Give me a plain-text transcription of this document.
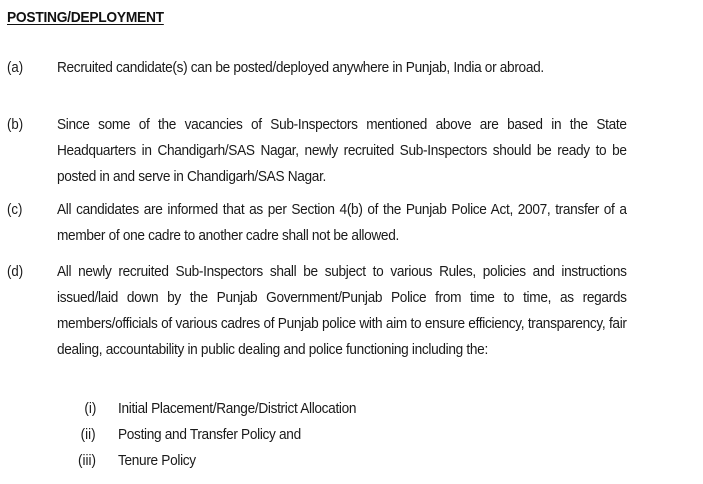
POSTING/DEPLOYMENT
(a) Recruited candidate(s) can be posted/deployed anywhere in Punjab, India or abroad.
(b) Since some of the vacancies of Sub-Inspectors mentioned above are based in the State Headquarters in Chandigarh/SAS Nagar, newly recruited Sub-Inspectors should be ready to be posted in and serve in Chandigarh/SAS Nagar.
(c) All candidates are informed that as per Section 4(b) of the Punjab Police Act, 2007, transfer of a member of one cadre to another cadre shall not be allowed.
(d) All newly recruited Sub-Inspectors shall be subject to various Rules, policies and instructions issued/laid down by the Punjab Government/Punjab Police from time to time, as regards members/officials of various cadres of Punjab police with aim to ensure efficiency, transparency, fair dealing, accountability in public dealing and police functioning including the:
(i) Initial Placement/Range/District Allocation
(ii) Posting and Transfer Policy and
(iii) Tenure Policy
